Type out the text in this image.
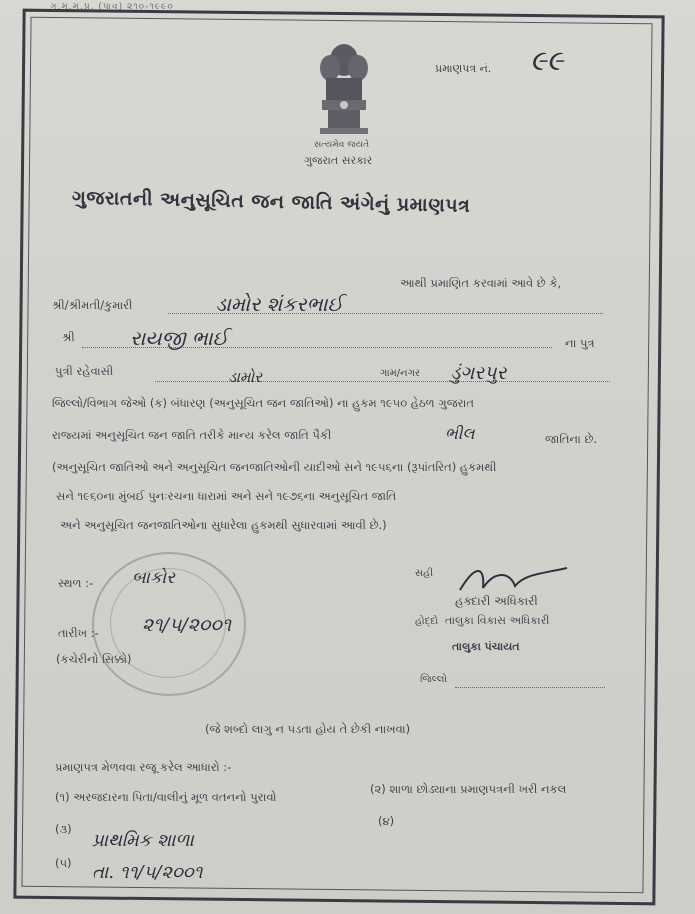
ગ.મ.મ.પ્ર. (પાવ) ૨૧૦-૧૯૯૦
સત્યમેવ જયતે
ગુજરાત સરકાર
પ્રમાણપત્ર નં. ૯૯
ગુજરાતની અનુસૂચિત જન જાતિ અંગેનું પ્રમાણપત્ર
આથી પ્રમાણિત કરવામાં આવે છે કે,
શ્રી/શ્રીમતી/કુમારી	ડામોર શંકરભાઈ
શ્રી	રાયજી ભાઈ	ના પુત્ર
પુત્રી રહેવાસી	ડામોર	ગામ/નગર ડુંગરપુર
જિલ્લો/વિભાગ જેઓ (ક) બંધારણ (અનુસૂચિત જન જાતિઓ) ના હુકમ ૧૯૫૦ હેઠળ ગુજરાત
રાજ્યમાં અનુસૂચિત જન જાતિ તરીકે માન્ય કરેલ જાતિ પૈકી	ભીલ	જાતિના છે.
(અનુસૂચિત જાતિઓ અને અનુસૂચિત જનજાતિઓની યાદીઓ સને ૧૯૫૬ના (રૂપાંતરિત) હુકમથી
સને ૧૯૬૦ના મુંબઈ પુનઃરચના ધારામાં અને સને ૧૯૭૬ના અનુસૂચિત જાતિ
અને અનુસૂચિત જનજાતિઓના સુધારેલા હુકમથી સુધારવામાં આવી છે.)
સ્થળ :- બાકોર
તારીખ :- ૨૧/૫/૨૦૦૧
(કચેરીનો સિક્કો)
સહી
હક્દારી અધિકારી
હોદ્દો તાલુકા વિકાસ અધિકારી
તાલુકા પંચાયત
જિલ્લો
(જે શબ્દો લાગુ ન પડતા હોય તે છેકી નાખવા)
પ્રમાણપત્ર મેળવવા રજૂ કરેલ આધારો :-
(૧) અરજદારના પિતા/વાલીનું મૂળ વતનનો પુરાવો
(૨) શાળા છોડ્યાના પ્રમાણપત્રની ખરી નકલ
(૩)
(૪)
(૫)
પ્રાથમિક શાળા
તા. ૧૧/૫/૨૦૦૧
